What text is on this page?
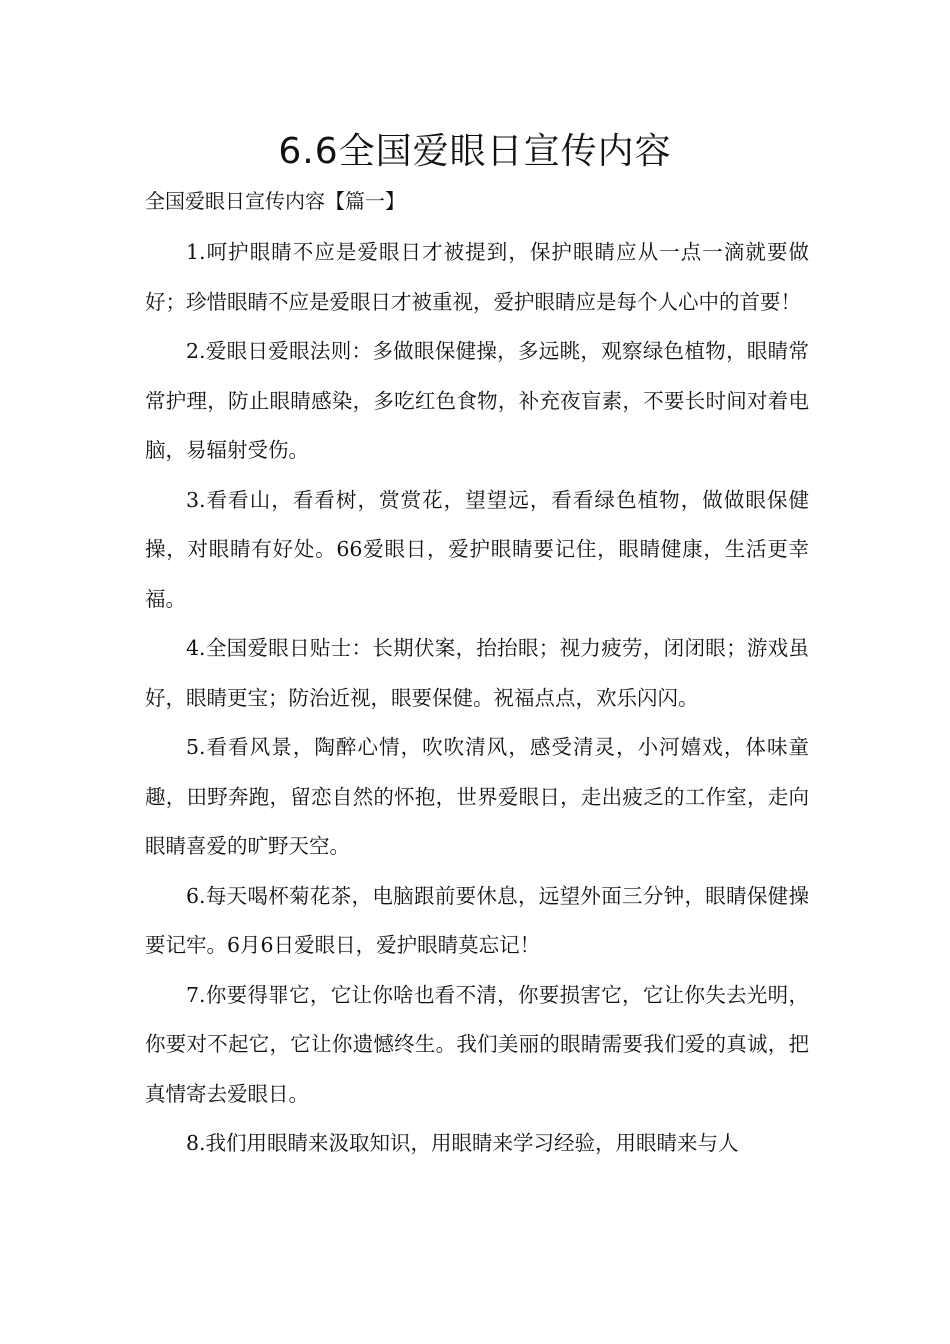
6.6全国爱眼日宣传内容
全国爱眼日宣传内容【篇一】

1.呵护眼睛不应是爱眼日才被提到，保护眼睛应从一点一滴就要做好；珍惜眼睛不应是爱眼日才被重视，爱护眼睛应是每个人心中的首要！

2.爱眼日爱眼法则：多做眼保健操，多远眺，观察绿色植物，眼睛常常护理，防止眼睛感染，多吃红色食物，补充夜盲素，不要长时间对着电脑，易辐射受伤。

3.看看山，看看树，赏赏花，望望远，看看绿色植物，做做眼保健操，对眼睛有好处。66爱眼日，爱护眼睛要记住，眼睛健康，生活更幸福。

4.全国爱眼日贴士：长期伏案，抬抬眼；视力疲劳，闭闭眼；游戏虽好，眼睛更宝；防治近视，眼要保健。祝福点点，欢乐闪闪。

5.看看风景，陶醉心情，吹吹清风，感受清灵，小河嬉戏，体味童趣，田野奔跑，留恋自然的怀抱，世界爱眼日，走出疲乏的工作室，走向眼睛喜爱的旷野天空。

6.每天喝杯菊花茶，电脑跟前要休息，远望外面三分钟，眼睛保健操要记牢。6月6日爱眼日，爱护眼睛莫忘记！

7.你要得罪它，它让你啥也看不清，你要损害它，它让你失去光明，你要对不起它，它让你遗憾终生。我们美丽的眼睛需要我们爱的真诚，把真情寄去爱眼日。

8.我们用眼睛来汲取知识，用眼睛来学习经验，用眼睛来与人
